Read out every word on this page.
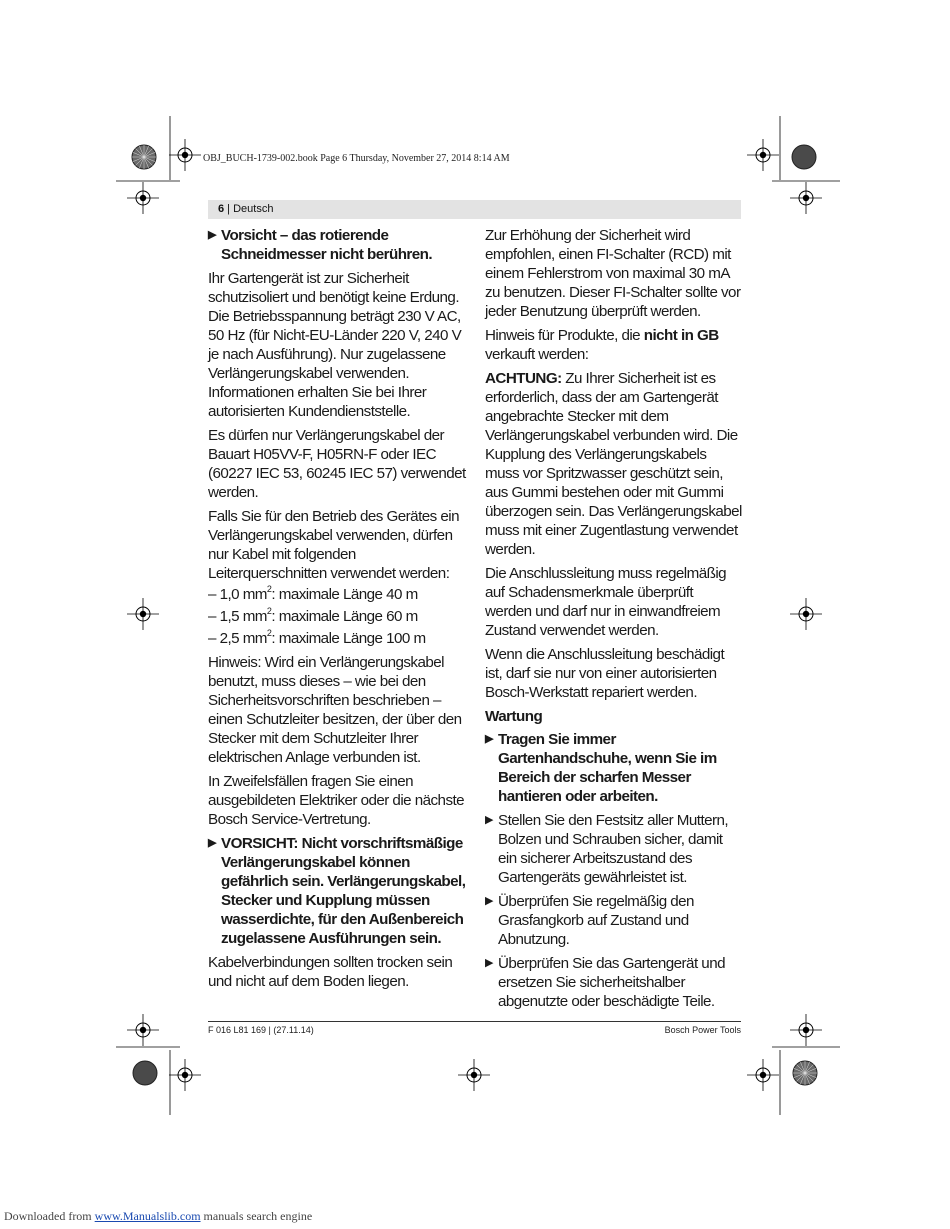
OBJ_BUCH-1739-002.book Page 6 Thursday, November 27, 2014 8:14 AM
6 | Deutsch
▶ Vorsicht – das rotierende Schneidmesser nicht berühren.

Ihr Gartengerät ist zur Sicherheit schutzisoliert und benötigt keine Erdung. Die Betriebsspannung beträgt 230 V AC, 50 Hz (für Nicht-EU-Länder 220 V, 240 V je nach Ausführung). Nur zugelassene Verlängerungskabel verwenden. Informationen erhalten Sie bei Ihrer autorisierten Kundendienststelle.

Es dürfen nur Verlängerungskabel der Bauart H05VV-F, H05RN-F oder IEC (60227 IEC 53, 60245 IEC 57) verwendet werden.

Falls Sie für den Betrieb des Gerätes ein Verlängerungskabel verwenden, dürfen nur Kabel mit folgenden Leiterquerschnitten verwendet werden:

– 1,0 $mm^2$: maximale Länge 40 m
– 1,5 $mm^2$: maximale Länge 60 m
– 2,5 $mm^2$: maximale Länge 100 m

Hinweis: Wird ein Verlängerungskabel benutzt, muss dieses – wie bei den Sicherheitsvorschriften beschrieben – einen Schutzleiter besitzen, der über den Stecker mit dem Schutzleiter Ihrer elektrischen Anlage verbunden ist.

In Zweifelsfällen fragen Sie einen ausgebildeten Elektriker oder die nächste Bosch Service-Vertretung.

▶ VORSICHT: Nicht vorschriftsmäßige Verlängerungskabel können gefährlich sein. Verlängerungskabel, Stecker und Kupplung müssen wasserdichte, für den Außenbereich zugelassene Ausführungen sein.

Kabelverbindungen sollten trocken sein und nicht auf dem Boden liegen.

Zur Erhöhung der Sicherheit wird empfohlen, einen FI-Schalter (RCD) mit einem Fehlerstrom von maximal 30 mA zu benutzen. Dieser FI-Schalter sollte vor jeder Benutzung überprüft werden.

Hinweis für Produkte, die nicht in GB verkauft werden:

ACHTUNG: Zu Ihrer Sicherheit ist es erforderlich, dass der am Gartengerät angebrachte Stecker mit dem Verlängerungskabel verbunden wird. Die Kupplung des Verlängerungskabels muss vor Spritzwasser geschützt sein, aus Gummi bestehen oder mit Gummi überzogen sein. Das Verlängerungskabel muss mit einer Zugentlastung verwendet werden.

Die Anschlussleitung muss regelmäßig auf Schadensmerkmale überprüft werden und darf nur in einwandfreiem Zustand verwendet werden.

Wenn die Anschlussleitung beschädigt ist, darf sie nur von einer autorisierten Bosch-Werkstatt repariert werden.

Wartung
▶ Tragen Sie immer Gartenhandschuhe, wenn Sie im Bereich der scharfen Messer hantieren oder arbeiten.
▶ Stellen Sie den Festsitz aller Muttern, Bolzen und Schrauben sicher, damit ein sicherer Arbeitszustand des Gartengeräts gewährleistet ist.
▶ Überprüfen Sie regelmäßig den Grasfangkorb auf Zustand und Abnutzung.
▶ Überprüfen Sie das Gartengerät und ersetzen Sie sicherheitshalber abgenutzte oder beschädigte Teile.
F 016 L81 169 | (27.11.14)	Bosch Power Tools
Downloaded from www.Manualslib.com manuals search engine
